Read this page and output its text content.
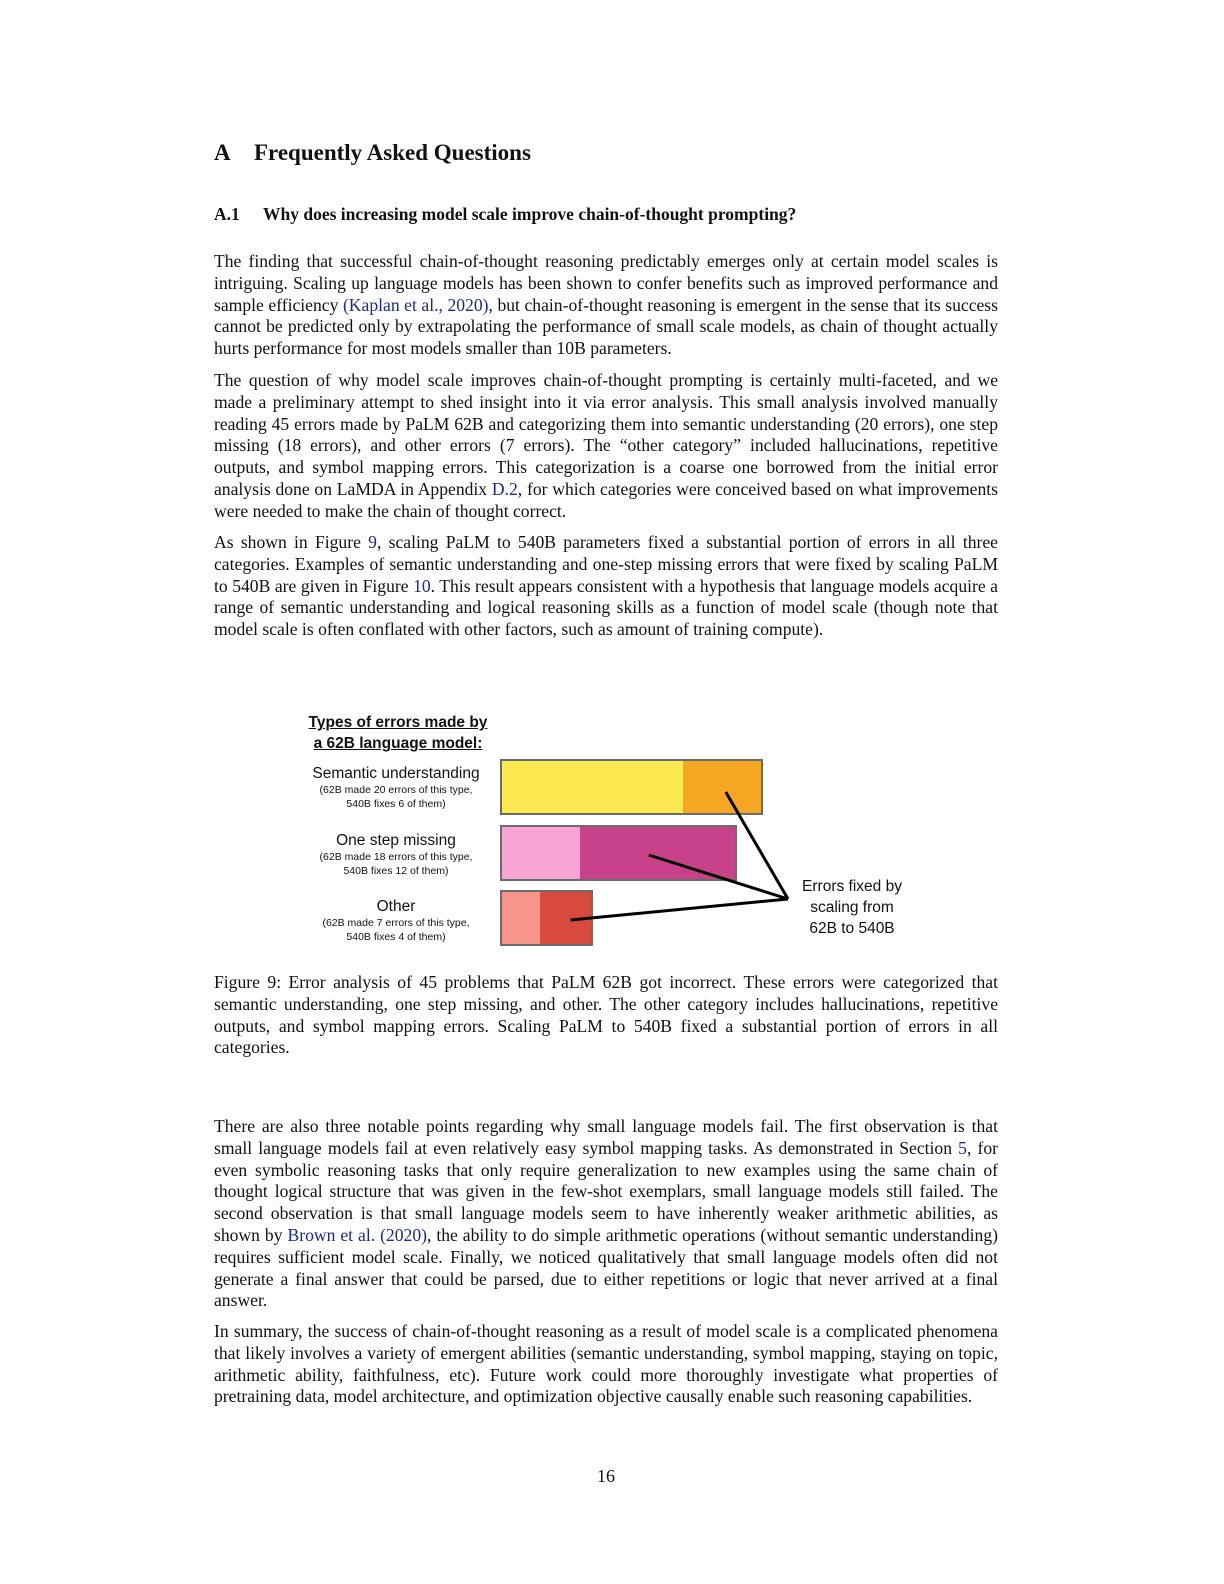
A Frequently Asked Questions
A.1 Why does increasing model scale improve chain-of-thought prompting?

The finding that successful chain-of-thought reasoning predictably emerges only at certain model scales is intriguing. Scaling up language models has been shown to confer benefits such as improved performance and sample efficiency (Kaplan et al., 2020), but chain-of-thought reasoning is emergent in the sense that its success cannot be predicted only by extrapolating the performance of small scale models, as chain of thought actually hurts performance for most models smaller than 10B parameters.

The question of why model scale improves chain-of-thought prompting is certainly multi-faceted, and we made a preliminary attempt to shed insight into it via error analysis. This small analysis involved manually reading 45 errors made by PaLM 62B and categorizing them into semantic understanding (20 errors), one step missing (18 errors), and other errors (7 errors). The “other category” included hallucinations, repetitive outputs, and symbol mapping errors. This categorization is a coarse one borrowed from the initial error analysis done on LaMDA in Appendix D.2, for which categories were conceived based on what improvements were needed to make the chain of thought correct.

As shown in Figure 9, scaling PaLM to 540B parameters fixed a substantial portion of errors in all three categories. Examples of semantic understanding and one-step missing errors that were fixed by scaling PaLM to 540B are given in Figure 10. This result appears consistent with a hypothesis that language models acquire a range of semantic understanding and logical reasoning skills as a function of model scale (though note that model scale is often conflated with other factors, such as amount of training compute).

Figure 9: Error analysis of 45 problems that PaLM 62B got incorrect. These errors were categorized that semantic understanding, one step missing, and other. The other category includes hallucinations, repetitive outputs, and symbol mapping errors. Scaling PaLM to 540B fixed a substantial portion of errors in all categories.

There are also three notable points regarding why small language models fail. The first observation is that small language models fail at even relatively easy symbol mapping tasks. As demonstrated in Section 5, for even symbolic reasoning tasks that only require generalization to new examples using the same chain of thought logical structure that was given in the few-shot exemplars, small language models still failed. The second observation is that small language models seem to have inherently weaker arithmetic abilities, as shown by Brown et al. (2020), the ability to do simple arithmetic operations (without semantic understanding) requires sufficient model scale. Finally, we noticed qualitatively that small language models often did not generate a final answer that could be parsed, due to either repetitions or logic that never arrived at a final answer.

In summary, the success of chain-of-thought reasoning as a result of model scale is a complicated phenomena that likely involves a variety of emergent abilities (semantic understanding, symbol mapping, staying on topic, arithmetic ability, faithfulness, etc). Future work could more thoroughly investigate what properties of pretraining data, model architecture, and optimization objective causally enable such reasoning capabilities.

16
Types of errors made by
a 62B language model:
Semantic understanding
(62B made 20 errors of this type,
540B fixes 6 of them)
One step missing
(62B made 18 errors of this type,
540B fixes 12 of them)
Other
(62B made 7 errors of this type,
540B fixes 4 of them)
Errors fixed by
scaling from
62B to 540B
